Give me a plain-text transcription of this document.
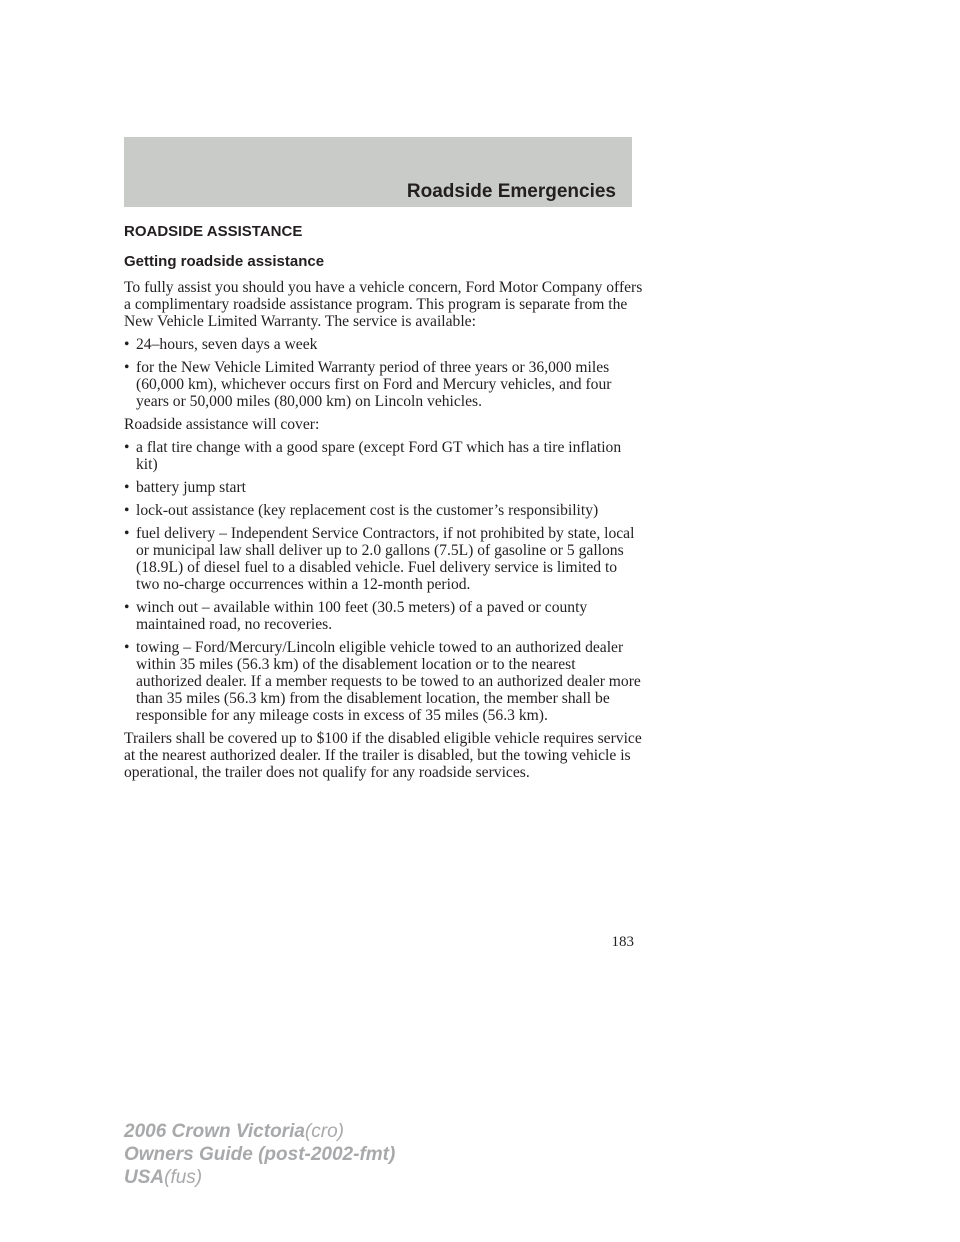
Roadside Emergencies
ROADSIDE ASSISTANCE
Getting roadside assistance

To fully assist you should you have a vehicle concern, Ford Motor Company offers a complimentary roadside assistance program. This program is separate from the New Vehicle Limited Warranty. The service is available:

• 24–hours, seven days a week
• for the New Vehicle Limited Warranty period of three years or 36,000 miles (60,000 km), whichever occurs first on Ford and Mercury vehicles, and four years or 50,000 miles (80,000 km) on Lincoln vehicles.

Roadside assistance will cover:

• a flat tire change with a good spare (except Ford GT which has a tire inflation kit)
• battery jump start
• lock-out assistance (key replacement cost is the customer’s responsibility)
• fuel delivery – Independent Service Contractors, if not prohibited by state, local or municipal law shall deliver up to 2.0 gallons (7.5L) of gasoline or 5 gallons (18.9L) of diesel fuel to a disabled vehicle. Fuel delivery service is limited to two no-charge occurrences within a 12-month period.
• winch out – available within 100 feet (30.5 meters) of a paved or county maintained road, no recoveries.
• towing – Ford/Mercury/Lincoln eligible vehicle towed to an authorized dealer within 35 miles (56.3 km) of the disablement location or to the nearest authorized dealer. If a member requests to be towed to an authorized dealer more than 35 miles (56.3 km) from the disablement location, the member shall be responsible for any mileage costs in excess of 35 miles (56.3 km).

Trailers shall be covered up to $100 if the disabled eligible vehicle requires service at the nearest authorized dealer. If the trailer is disabled, but the towing vehicle is operational, the trailer does not qualify for any roadside services.

183
2006 Crown Victoria(cro)
Owners Guide (post-2002-fmt)
USA(fus)
